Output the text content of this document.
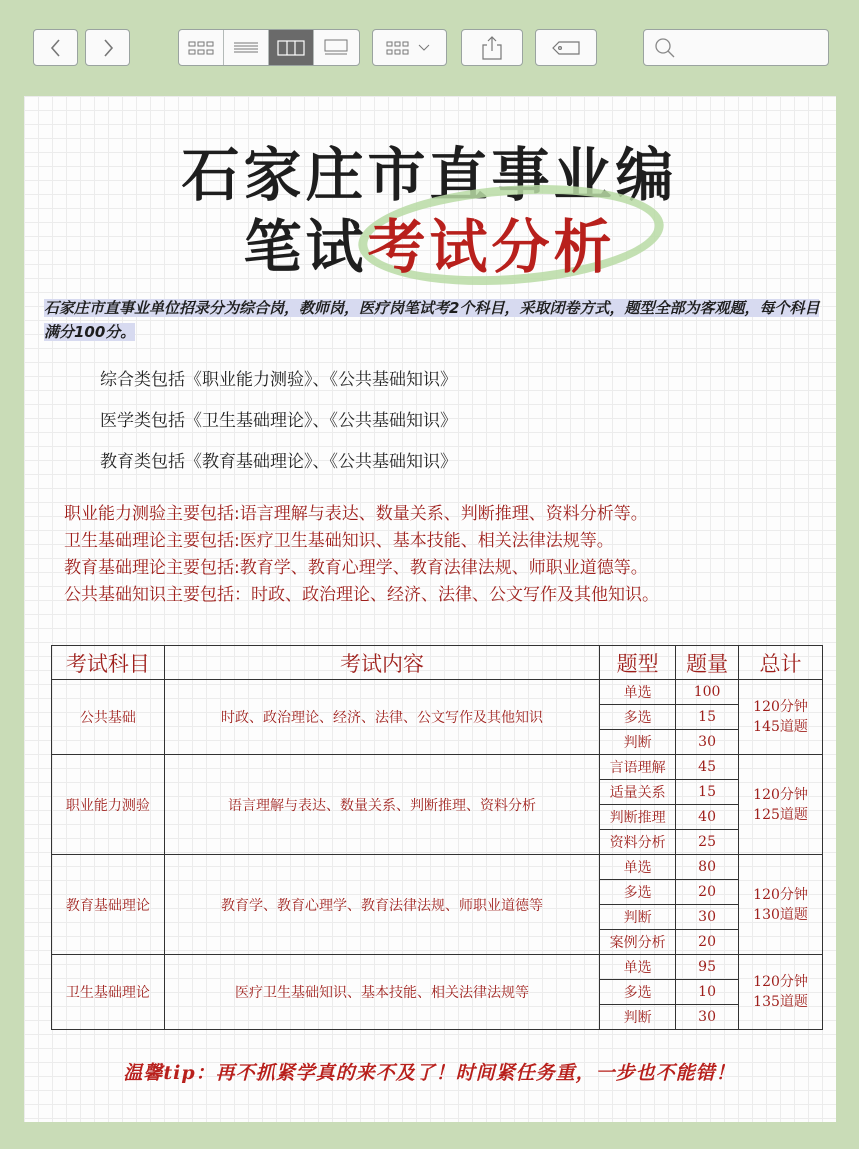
石家庄市直事业编
笔试考试分析
石家庄市直事业单位招录分为综合岗，教师岗，医疗岗笔试考2个科目，采取闭卷方式，题型全部为客观题，每个科目满分100分。
综合类包括《职业能力测验》、《公共基础知识》
医学类包括《卫生基础理论》、《公共基础知识》
教育类包括《教育基础理论》、《公共基础知识》
职业能力测验主要包括:语言理解与表达、数量关系、判断推理、资料分析等。
卫生基础理论主要包括:医疗卫生基础知识、基本技能、相关法律法规等。
教育基础理论主要包括:教育学、教育心理学、教育法律法规、师职业道德等。
公共基础知识主要包括：时政、政治理论、经济、法律、公文写作及其他知识。
考试科目	考试内容	题型	题量	总计
公共基础	时政、政治理论、经济、法律、公文写作及其他知识	单选	100	120分钟
145道题

		多选	15	
		判断	30	
职业能力测验	语言理解与表达、数量关系、判断推理、资料分析	言语理解	45	120分钟
125道题

		适量关系	15	
		判断推理	40	
		资料分析	25	
教育基础理论	教育学、教育心理学、教育法律法规、师职业道德等	单选	80	120分钟
130道题

		多选	20	
		判断	30	
		案例分析	20	
卫生基础理论	医疗卫生基础知识、基本技能、相关法律法规等	单选	95	120分钟
135道题

		多选	10	
		判断	30	
温馨tip：再不抓紧学真的来不及了！时间紧任务重，一步也不能错！
